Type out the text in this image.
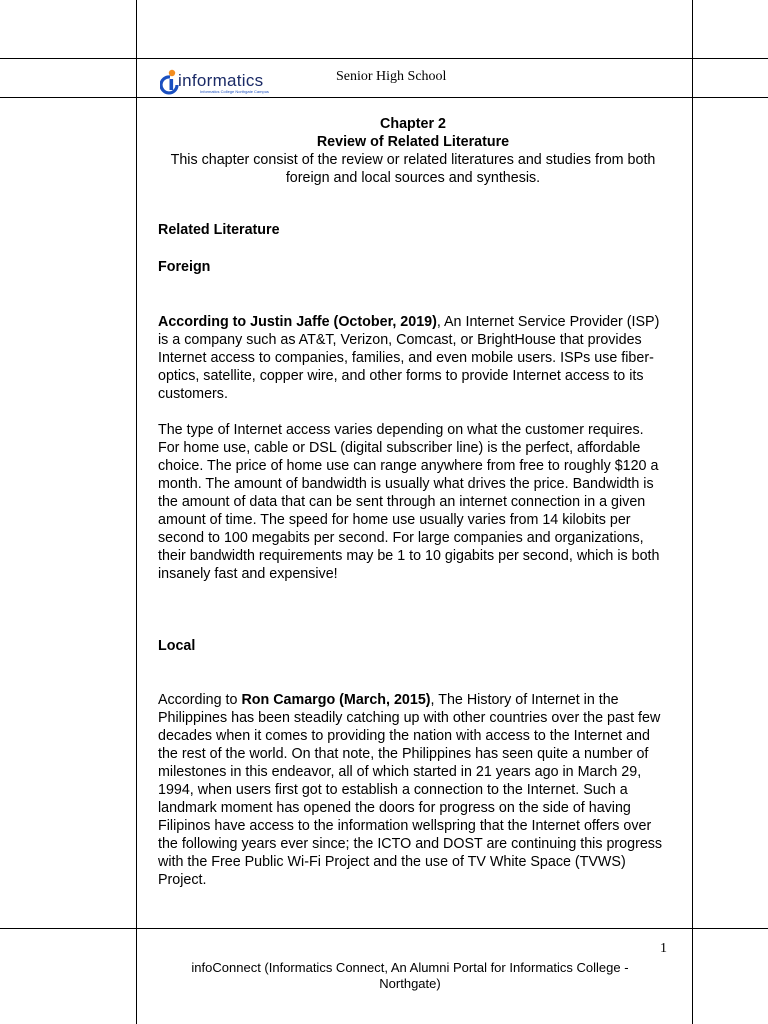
informatics
Informatics College Northgate Campus
Senior High School

Chapter 2

Review of Related Literature

This chapter consist of the review or related literatures and studies from both foreign and local sources and synthesis.

Related Literature

Foreign

According to Justin Jaffe (October, 2019), An Internet Service Provider (ISP) is a company such as AT&T, Verizon, Comcast, or BrightHouse that provides Internet access to companies, families, and even mobile users. ISPs use fiber-optics, satellite, copper wire, and other forms to provide Internet access to its customers.

The type of Internet access varies depending on what the customer requires. For home use, cable or DSL (digital subscriber line) is the perfect, affordable choice. The price of home use can range anywhere from free to roughly $120 a month. The amount of bandwidth is usually what drives the price. Bandwidth is the amount of data that can be sent through an internet connection in a given amount of time. The speed for home use usually varies from 14 kilobits per second to 100 megabits per second. For large companies and organizations, their bandwidth requirements may be 1 to 10 gigabits per second, which is both insanely fast and expensive!

Local

According to Ron Camargo (March, 2015), The History of Internet in the Philippines has been steadily catching up with other countries over the past few decades when it comes to providing the nation with access to the Internet and the rest of the world. On that note, the Philippines has seen quite a number of milestones in this endeavor, all of which started in 21 years ago in March 29, 1994, when users first got to establish a connection to the Internet. Such a landmark moment has opened the doors for progress on the side of having Filipinos have access to the information wellspring that the Internet offers over the following years ever since; the ICTO and DOST are continuing this progress with the Free Public Wi-Fi Project and the use of TV White Space (TVWS) Project.

1
infoConnect (Informatics Connect, An Alumni Portal for Informatics College - Northgate)
